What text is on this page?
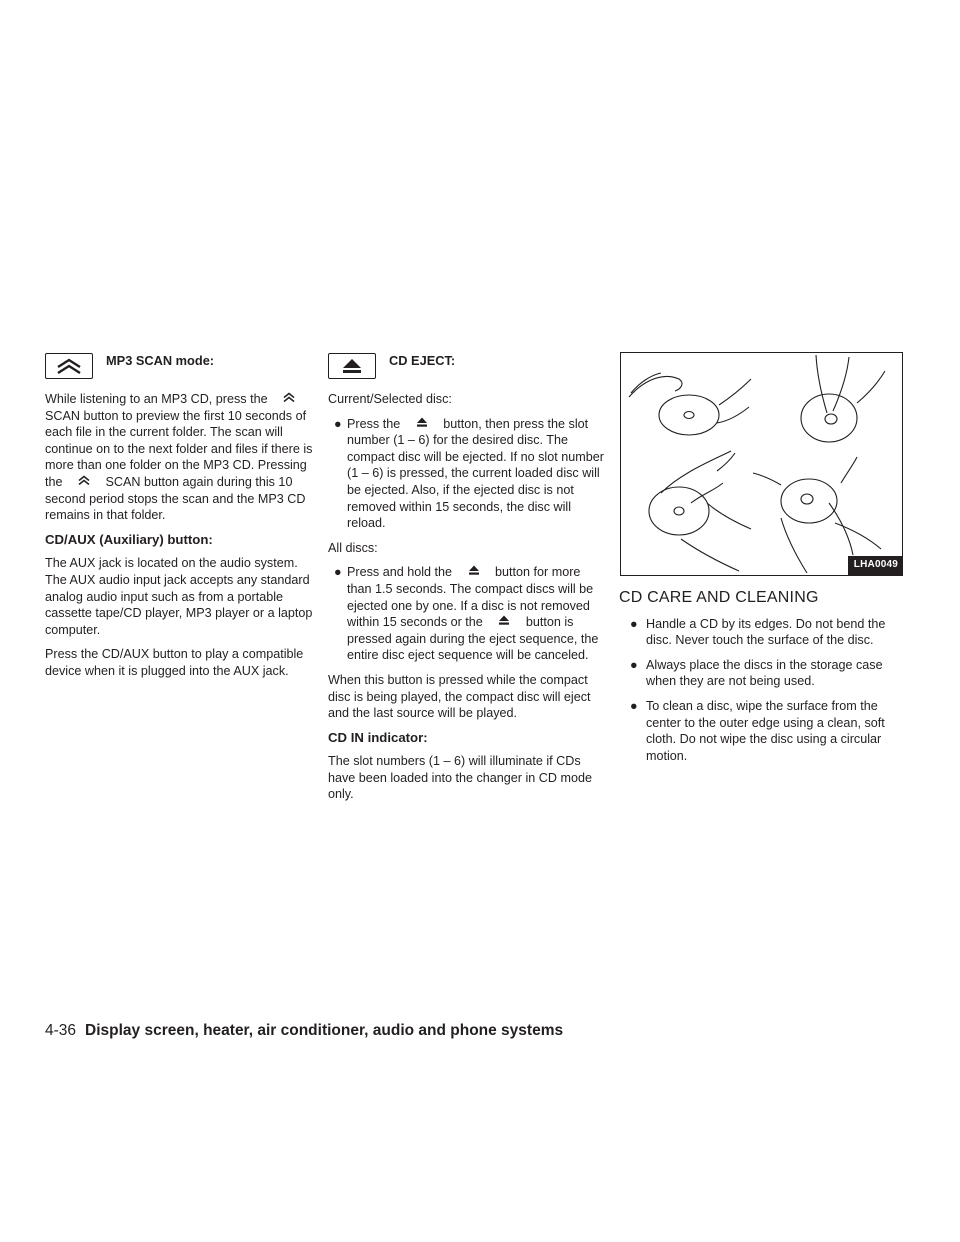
MP3 SCAN mode:

While listening to an MP3 CD, press the
SCAN button to preview the first 10 seconds of each file in the current folder. The scan will continue on to the next folder and files if there is more than one folder on the MP3 CD. Pressing the	SCAN button again during this 10 second period stops the scan and the MP3 CD remains in that folder.

CD/AUX (Auxiliary) button:

The AUX jack is located on the audio system. The AUX audio input jack accepts any standard analog audio input such as from a portable cassette tape/CD player, MP3 player or a laptop computer.

Press the CD/AUX button to play a compatible device when it is plugged into the AUX jack.

CD EJECT:

Current/Selected disc:

● Press the	button, then press the slot number (1 – 6) for the desired disc. The compact disc will be ejected. If no slot number (1 – 6) is pressed, the current loaded disc will be ejected. Also, if the ejected disc is not removed within 15 seconds, the disc will reload.

All discs:

● Press and hold the	button for more than 1.5 seconds. The compact discs will be ejected one by one. If a disc is not removed within 15 seconds or the	button is pressed again during the eject sequence, the entire disc eject sequence will be canceled.

When this button is pressed while the compact disc is being played, the compact disc will eject and the last source will be played.

CD IN indicator:

The slot numbers (1 – 6) will illuminate if CDs have been loaded into the changer in CD mode only.

LHA0049
CD CARE AND CLEANING
● Handle a CD by its edges. Do not bend the disc. Never touch the surface of the disc.
● Always place the discs in the storage case when they are not being used.
● To clean a disc, wipe the surface from the center to the outer edge using a clean, soft cloth. Do not wipe the disc using a circular motion.
4-36 Display screen, heater, air conditioner, audio and phone systems
